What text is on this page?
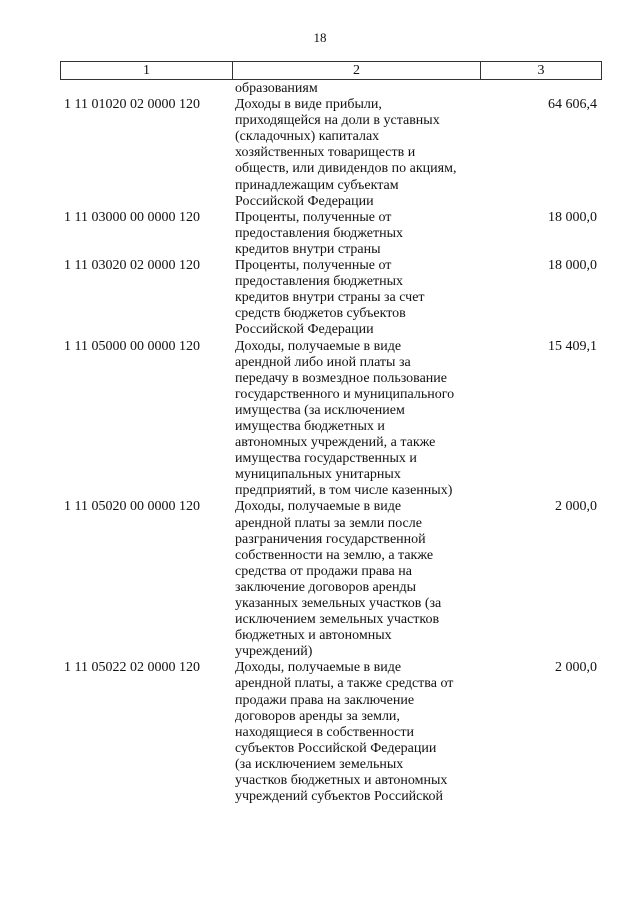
18
1	2	3
образованиям
1 11 01020 02 0000 120	Доходы в виде прибыли,
приходящейся на доли в уставных
(складочных) капиталах
хозяйственных товариществ и
обществ, или дивидендов по акциям,
принадлежащим субъектам
Российской Федерации
64 606,4
1 11 03000 00 0000 120	Проценты, полученные от
предоставления бюджетных
кредитов внутри страны
18 000,0
1 11 03020 02 0000 120	Проценты, полученные от
предоставления бюджетных
кредитов внутри страны за счет
средств бюджетов субъектов
Российской Федерации
18 000,0
1 11 05000 00 0000 120	Доходы, получаемые в виде
арендной либо иной платы за
передачу в возмездное пользование
государственного и муниципального
имущества (за исключением
имущества бюджетных и
автономных учреждений, а также
имущества государственных и
муниципальных унитарных
предприятий, в том числе казенных)
15 409,1
1 11 05020 00 0000 120	Доходы, получаемые в виде
арендной платы за земли после
разграничения государственной
собственности на землю, а также
средства от продажи права на
заключение договоров аренды
указанных земельных участков (за
исключением земельных участков
бюджетных и автономных
учреждений)
2 000,0
1 11 05022 02 0000 120	Доходы, получаемые в виде
арендной платы, а также средства от
продажи права на заключение
договоров аренды за земли,
находящиеся в собственности
субъектов Российской Федерации
(за исключением земельных
участков бюджетных и автономных
учреждений субъектов Российской
2 000,0
